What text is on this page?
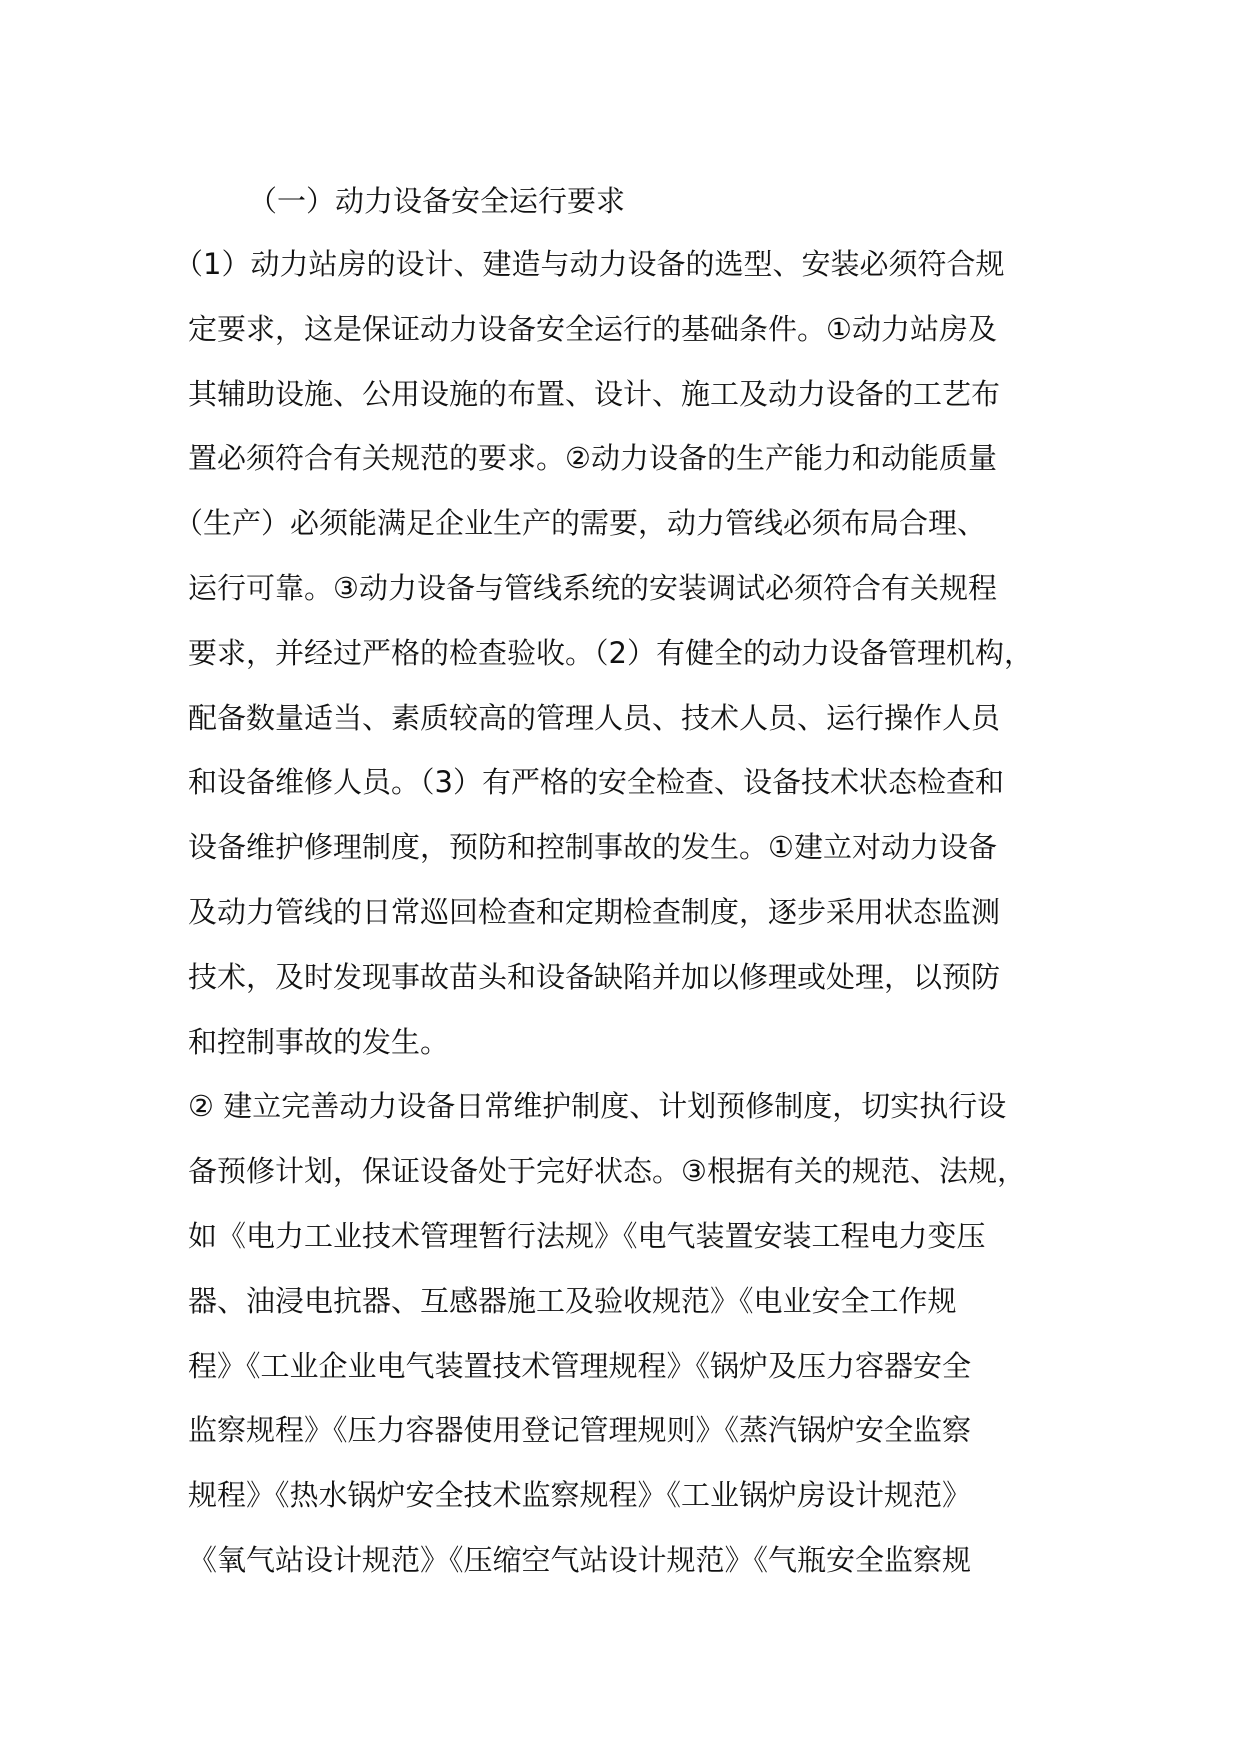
（一）动力设备安全运行要求
（1）动力站房的设计、建造与动力设备的选型、安装必须符合规
定要求，这是保证动力设备安全运行的基础条件。①动力站房及
其辅助设施、公用设施的布置、设计、施工及动力设备的工艺布
置必须符合有关规范的要求。②动力设备的生产能力和动能质量
（生产）必须能满足企业生产的需要，动力管线必须布局合理、
运行可靠。③动力设备与管线系统的安装调试必须符合有关规程
要求，并经过严格的检查验收。（2）有健全的动力设备管理机构，
配备数量适当、素质较高的管理人员、技术人员、运行操作人员
和设备维修人员。（3）有严格的安全检查、设备技术状态检查和
设备维护修理制度，预防和控制事故的发生。①建立对动力设备
及动力管线的日常巡回检查和定期检查制度，逐步采用状态监测
技术，及时发现事故苗头和设备缺陷并加以修理或处理，以预防
和控制事故的发生。
② 建立完善动力设备日常维护制度、计划预修制度，切实执行设
备预修计划，保证设备处于完好状态。③根据有关的规范、法规，
如《电力工业技术管理暂行法规》《电气装置安装工程电力变压
器、油浸电抗器、互感器施工及验收规范》《电业安全工作规
程》《工业企业电气装置技术管理规程》《锅炉及压力容器安全
监察规程》《压力容器使用登记管理规则》《蒸汽锅炉安全监察
规程》《热水锅炉安全技术监察规程》《工业锅炉房设计规范》
《氧气站设计规范》《压缩空气站设计规范》《气瓶安全监察规
